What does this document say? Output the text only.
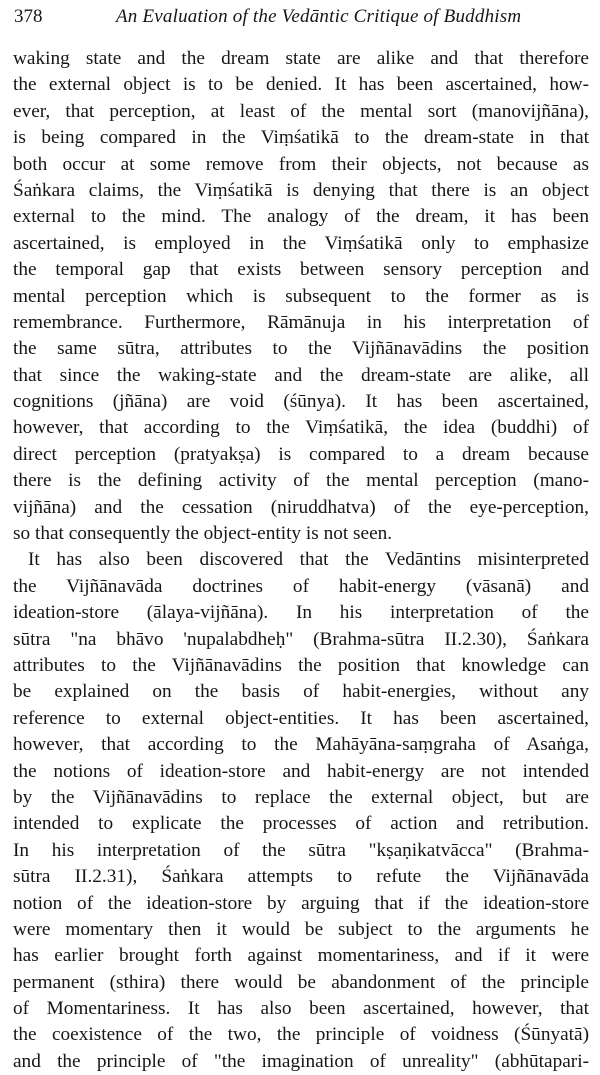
378	An Evaluation of the Vedāntic Critique of Buddhism
waking state and the dream state are alike and that therefore
the external object is to be denied. It has been ascertained, how-
ever, that perception, at least of the mental sort (manovijñāna),
is being compared in the Viṃśatikā to the dream-state in that
both occur at some remove from their objects, not because as
Śaṅkara claims, the Viṃśatikā is denying that there is an object
external to the mind. The analogy of the dream, it has been
ascertained, is employed in the Viṃśatikā only to emphasize
the temporal gap that exists between sensory perception and
mental perception which is subsequent to the former as is
remembrance. Furthermore, Rāmānuja in his interpretation of
the same sūtra, attributes to the Vijñānavādins the position
that since the waking-state and the dream-state are alike, all
cognitions (jñāna) are void (śūnya). It has been ascertained,
however, that according to the Viṃśatikā, the idea (buddhi) of
direct perception (pratyakṣa) is compared to a dream because
there is the defining activity of the mental perception (mano-
vijñāna) and the cessation (niruddhatva) of the eye-perception,
so that consequently the object-entity is not seen.
It has also been discovered that the Vedāntins misinterpreted
the Vijñānavāda doctrines of habit-energy (vāsanā) and
ideation-store (ālaya-vijñāna). In his interpretation of the
sūtra "na bhāvo 'nupalabdheḥ" (Brahma-sūtra II.2.30), Śaṅkara
attributes to the Vijñānavādins the position that knowledge can
be explained on the basis of habit-energies, without any
reference to external object-entities. It has been ascertained,
however, that according to the Mahāyāna-saṃgraha of Asaṅga,
the notions of ideation-store and habit-energy are not intended
by the Vijñānavādins to replace the external object, but are
intended to explicate the processes of action and retribution.
In his interpretation of the sūtra "kṣaṇikatvācca" (Brahma-
sūtra II.2.31), Śaṅkara attempts to refute the Vijñānavāda
notion of the ideation-store by arguing that if the ideation-store
were momentary then it would be subject to the arguments he
has earlier brought forth against momentariness, and if it were
permanent (sthira) there would be abandonment of the principle
of Momentariness. It has also been ascertained, however, that
the coexistence of the two, the principle of voidness (Śūnyatā)
and the principle of "the imagination of unreality" (abhūtapari-
